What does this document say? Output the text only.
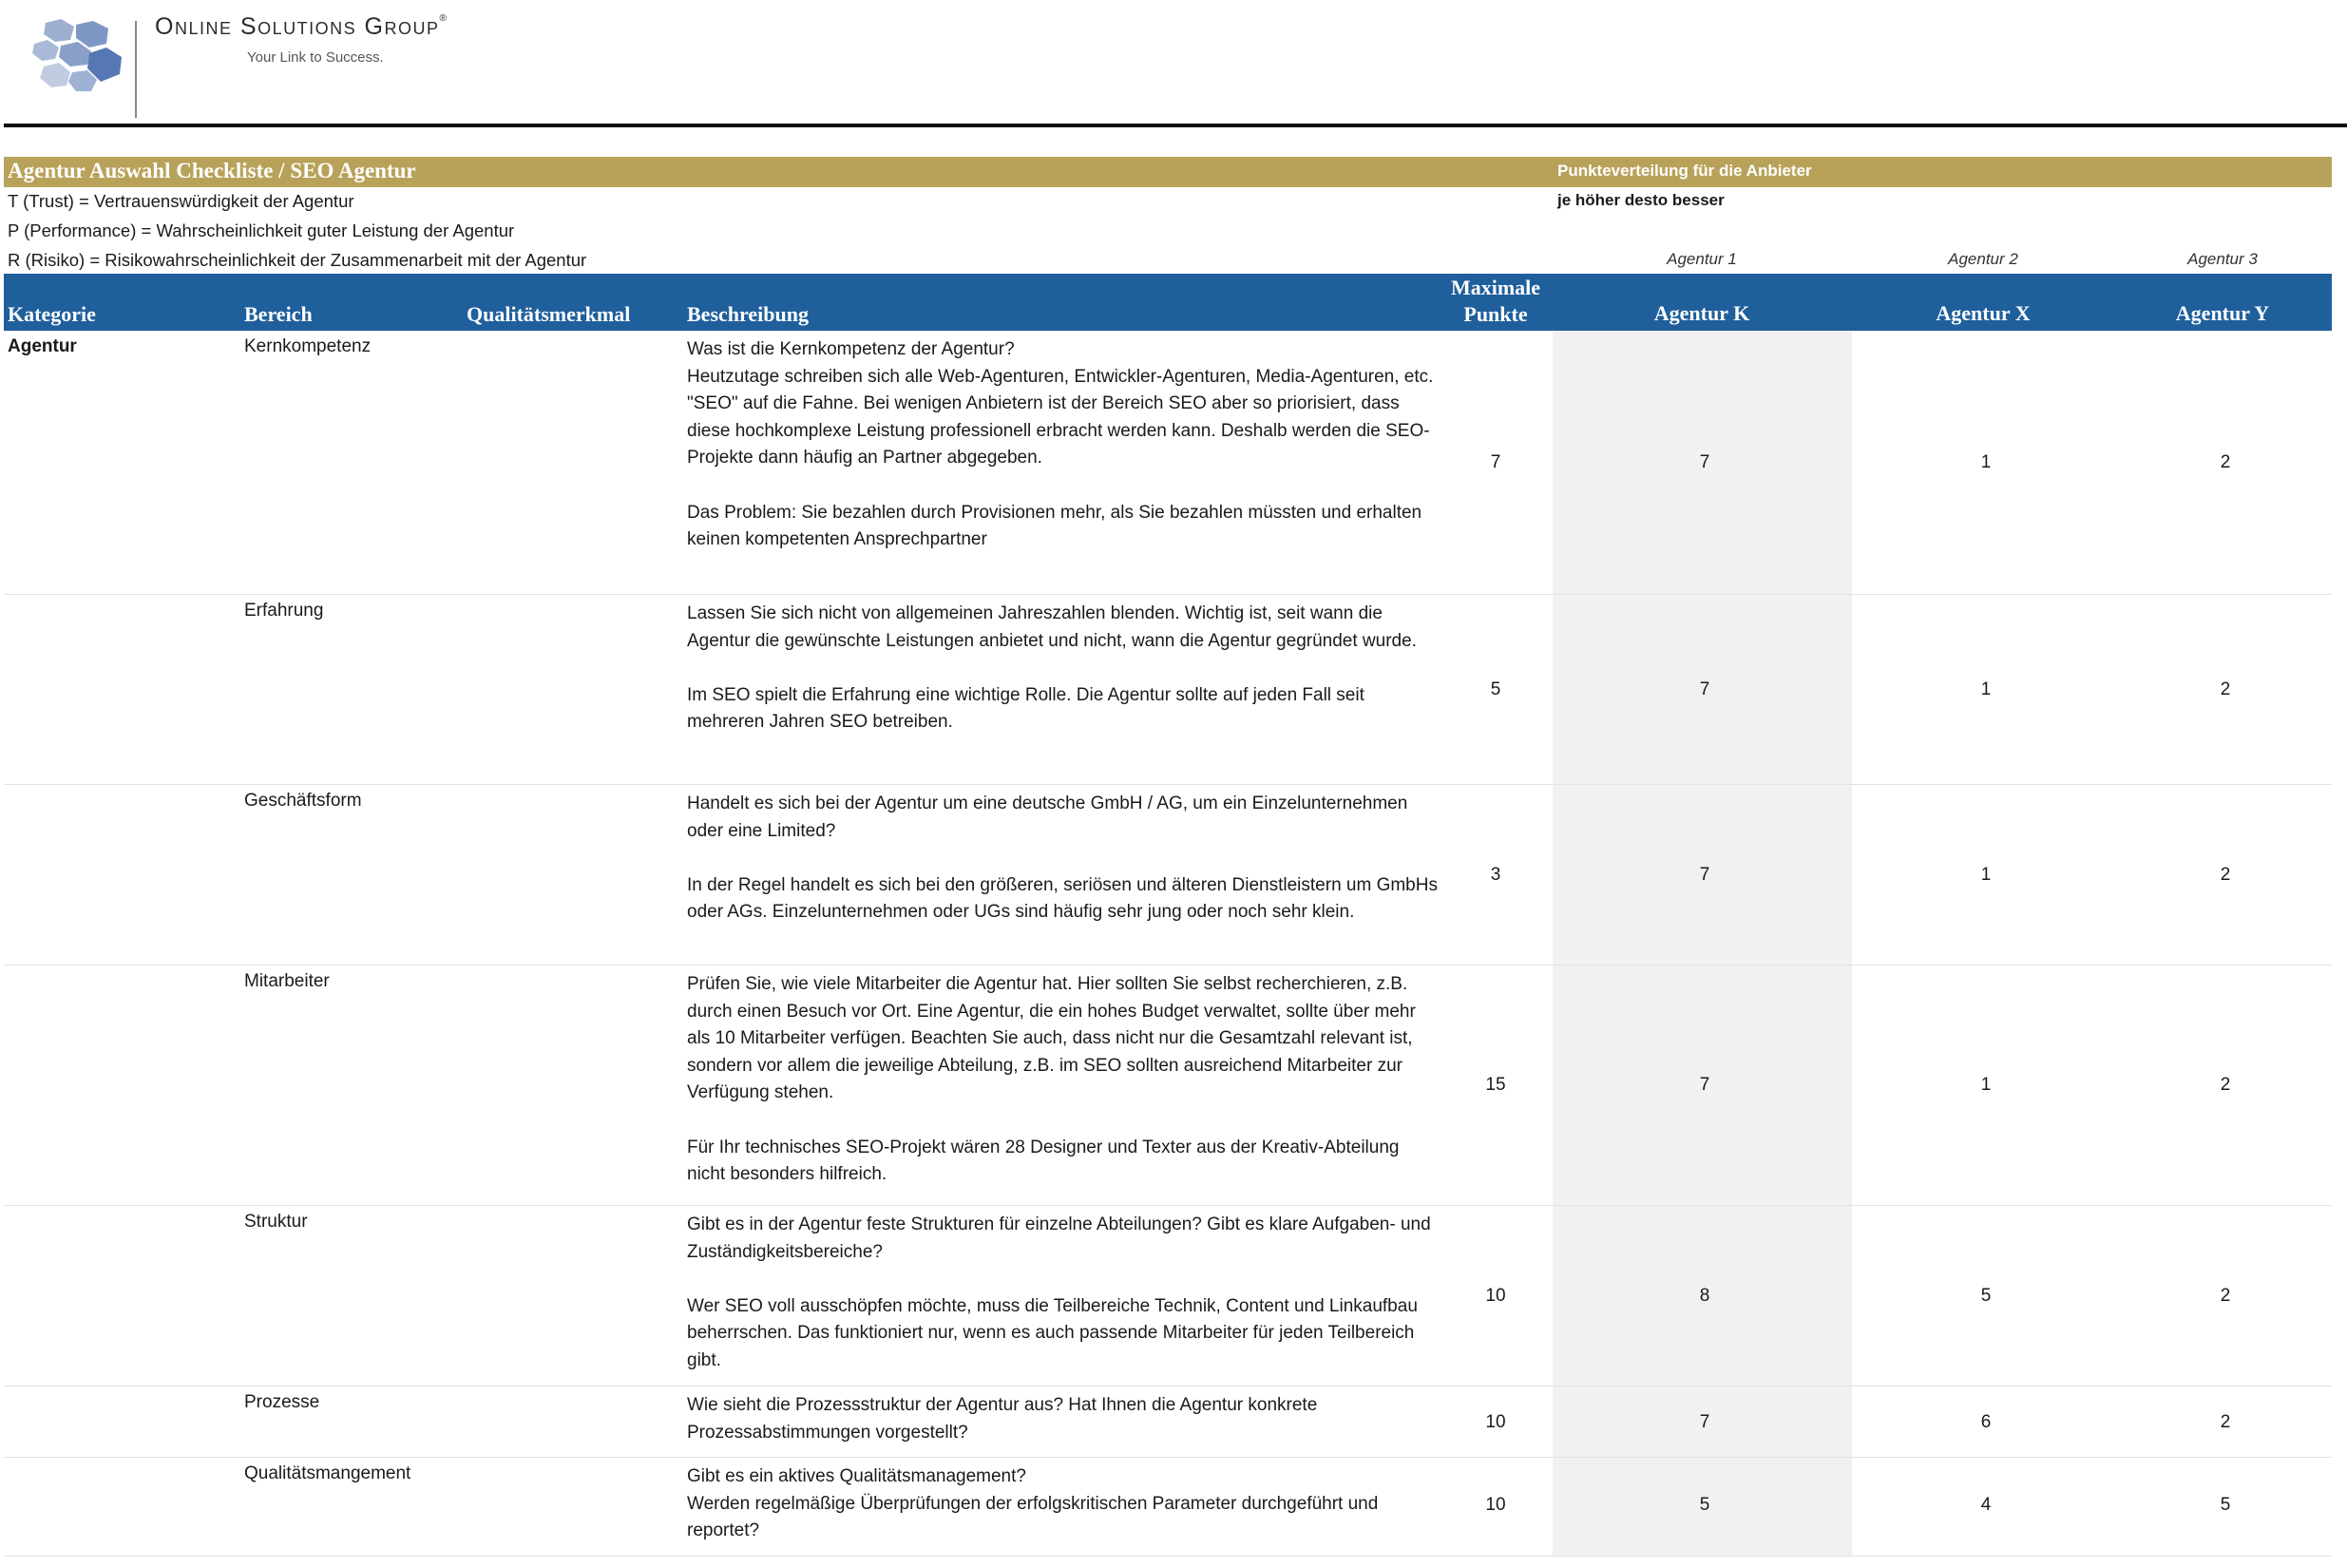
Online Solutions Group®
Your Link to Success.
Agentur Auswahl Checkliste / SEO Agentur	Punkteverteilung für die Anbieter
T (Trust) = Vertrauenswürdigkeit der Agentur
P (Performance) = Wahrscheinlichkeit guter Leistung der Agentur
R (Risiko) = Risikowahrscheinlichkeit der Zusammenarbeit mit der Agentur
je höher desto besser
Agentur 1	Agentur 2	Agentur 3
Kategorie	Bereich	Qualitätsmerkmal	Beschreibung
Maximale
Punkte	Agentur K	Agentur X	Agentur Y
Agentur	Kernkompetenz	Was ist die Kernkompetenz der Agentur?
Heutzutage schreiben sich alle Web-Agenturen, Entwickler-Agenturen, Media-Agenturen, etc. "SEO" auf die Fahne. Bei wenigen Anbietern ist der Bereich SEO aber so priorisiert, dass diese hochkomplexe Leistung professionell erbracht werden kann. Deshalb werden die SEO-Projekte dann häufig an Partner abgegeben.

Das Problem: Sie bezahlen durch Provisionen mehr, als Sie bezahlen müssten und erhalten keinen kompetenten Ansprechpartner

7	7	1	2
Erfahrung	Lassen Sie sich nicht von allgemeinen Jahreszahlen blenden. Wichtig ist, seit wann die Agentur die gewünschte Leistungen anbietet und nicht, wann die Agentur gegründet wurde.

Im SEO spielt die Erfahrung eine wichtige Rolle. Die Agentur sollte auf jeden Fall seit mehreren Jahren SEO betreiben.

5	7	1	2
Geschäftsform	Handelt es sich bei der Agentur um eine deutsche GmbH / AG, um ein Einzelunternehmen oder eine Limited?

In der Regel handelt es sich bei den größeren, seriösen und älteren Dienstleistern um GmbHs oder AGs. Einzelunternehmen oder UGs sind häufig sehr jung oder noch sehr klein.

3	7	1	2
Mitarbeiter	Prüfen Sie, wie viele Mitarbeiter die Agentur hat. Hier sollten Sie selbst recherchieren, z.B. durch einen Besuch vor Ort. Eine Agentur, die ein hohes Budget verwaltet, sollte über mehr als 10 Mitarbeiter verfügen. Beachten Sie auch, dass nicht nur die Gesamtzahl relevant ist, sondern vor allem die jeweilige Abteilung, z.B. im SEO sollten ausreichend Mitarbeiter zur Verfügung stehen.

Für Ihr technisches SEO-Projekt wären 28 Designer und Texter aus der Kreativ-Abteilung nicht besonders hilfreich.

15	7	1	2
Struktur	Gibt es in der Agentur feste Strukturen für einzelne Abteilungen? Gibt es klare Aufgaben- und Zuständigkeitsbereiche?

Wer SEO voll ausschöpfen möchte, muss die Teilbereiche Technik, Content und Linkaufbau beherrschen. Das funktioniert nur, wenn es auch passende Mitarbeiter für jeden Teilbereich gibt.

10	8	5	2
Prozesse	Wie sieht die Prozessstruktur der Agentur aus? Hat Ihnen die Agentur konkrete Prozessabstimmungen vorgestellt?

10	7	6	2
Qualitätsmangement	Gibt es ein aktives Qualitätsmanagement?
Werden regelmäßige Überprüfungen der erfolgskritischen Parameter durchgeführt und reportet?

10	5	4	5
